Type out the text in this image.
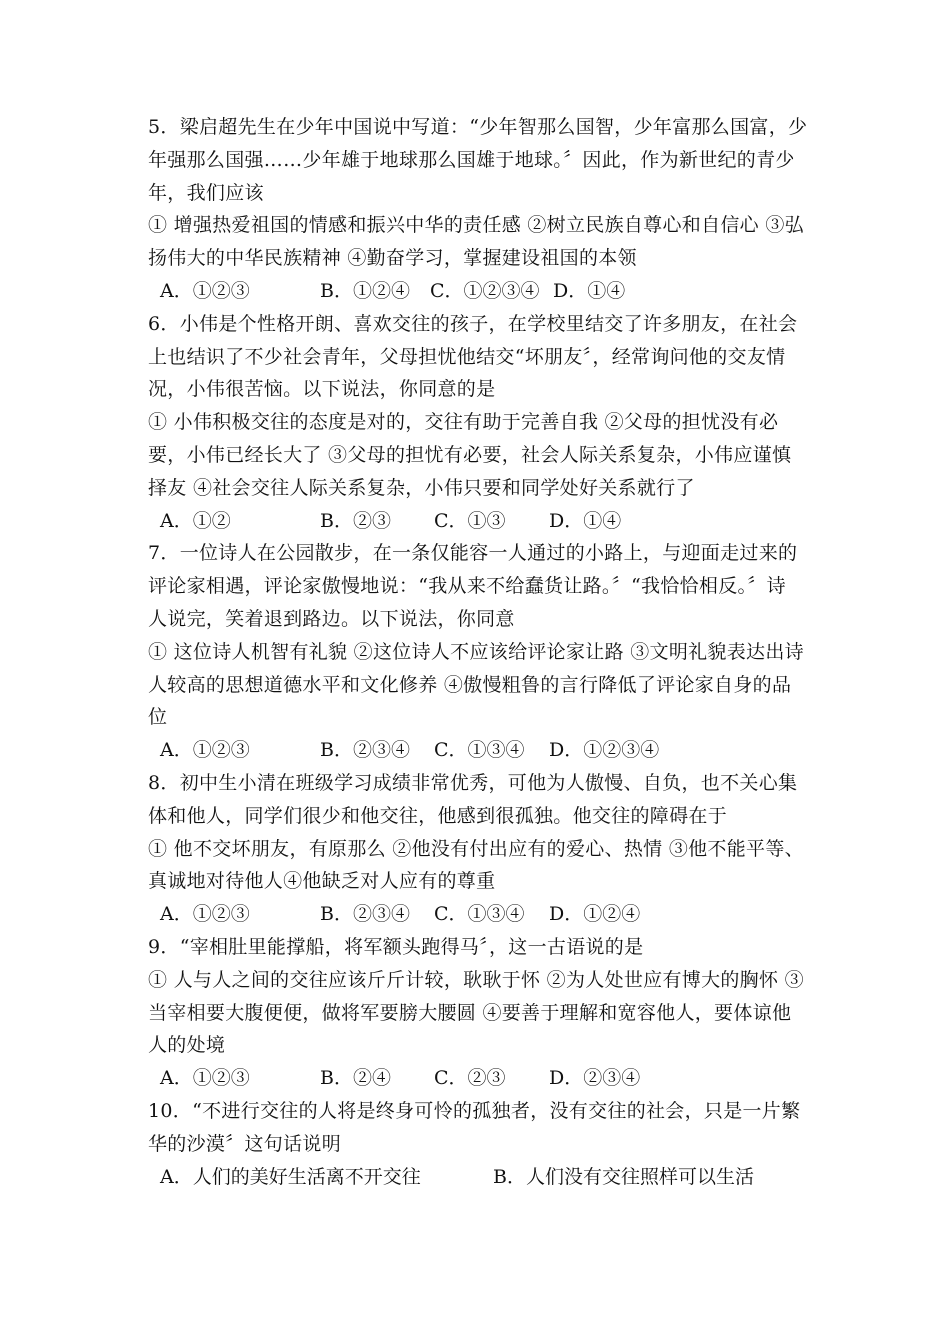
5．梁启超先生在少年中国说中写道：“少年智那么国智，少年富那么国富，少
年强那么国强……少年雄于地球那么国雄于地球。〞因此，作为新世纪的青少
年，我们应该
① 增强热爱祖国的情感和振兴中华的责任感 ②树立民族自尊心和自信心 ③弘
扬伟大的中华民族精神 ④勤奋学习，掌握建设祖国的本领
A．①②③	B．①②④ C．①②③④ D．①④
6．小伟是个性格开朗、喜欢交往的孩子，在学校里结交了许多朋友，在社会
上也结识了不少社会青年，父母担忧他结交“坏朋友〞，经常询问他的交友情
况，小伟很苦恼。以下说法，你同意的是
① 小伟积极交往的态度是对的，交往有助于完善自我 ②父母的担忧没有必
要，小伟已经长大了 ③父母的担忧有必要，社会人际关系复杂，小伟应谨慎
择友 ④社会交往人际关系复杂，小伟只要和同学处好关系就行了
A．①②	B．②③ C．①③ D．①④
7．一位诗人在公园散步，在一条仅能容一人通过的小路上，与迎面走过来的
评论家相遇，评论家傲慢地说：“我从来不给蠢货让路。〞“我恰恰相反。〞诗
人说完，笑着退到路边。以下说法，你同意
① 这位诗人机智有礼貌 ②这位诗人不应该给评论家让路 ③文明礼貌表达出诗
人较高的思想道德水平和文化修养 ④傲慢粗鲁的言行降低了评论家自身的品
位
A．①②③	B．②③④ C．①③④ D．①②③④
8．初中生小清在班级学习成绩非常优秀，可他为人傲慢、自负，也不关心集
体和他人，同学们很少和他交往，他感到很孤独。他交往的障碍在于
① 他不交坏朋友，有原那么 ②他没有付出应有的爱心、热情 ③他不能平等、
真诚地对待他人④他缺乏对人应有的尊重
A．①②③	B．②③④ C．①③④ D．①②④
9．“宰相肚里能撑船，将军额头跑得马〞，这一古语说的是
① 人与人之间的交往应该斤斤计较，耿耿于怀 ②为人处世应有博大的胸怀 ③
当宰相要大腹便便，做将军要膀大腰圆 ④要善于理解和宽容他人，要体谅他
人的处境
A．①②③	B．②④ C．②③ D．②③④
10．“不进行交往的人将是终身可怜的孤独者，没有交往的社会，只是一片繁
华的沙漠〞这句话说明
A．人们的美好生活离不开交往	B．人们没有交往照样可以生活
